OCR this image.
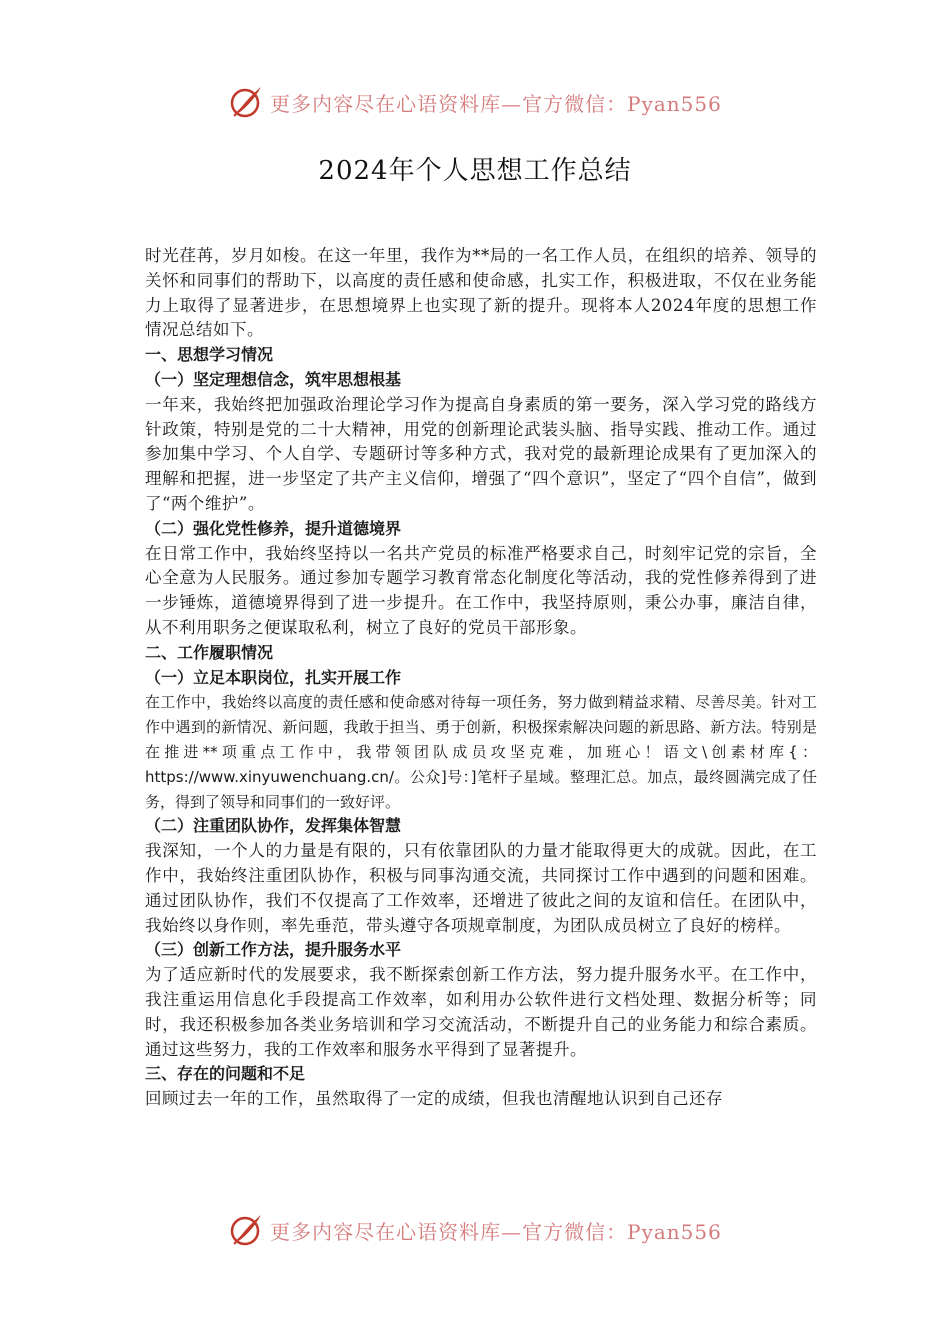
更多内容尽在心语资料库—官方微信：Pyan556
2024年个人思想工作总结

时光荏苒，岁月如梭。在这一年里，我作为**局的一名工作人员，在组织的培养、领导的关怀和同事们的帮助下，以高度的责任感和使命感，扎实工作，积极进取，不仅在业务能力上取得了显著进步，在思想境界上也实现了新的提升。现将本人2024年度的思想工作情况总结如下。

一、思想学习情况

（一）坚定理想信念，筑牢思想根基

一年来，我始终把加强政治理论学习作为提高自身素质的第一要务，深入学习党的路线方针政策，特别是党的二十大精神，用党的创新理论武装头脑、指导实践、推动工作。通过参加集中学习、个人自学、专题研讨等多种方式，我对党的最新理论成果有了更加深入的理解和把握，进一步坚定了共产主义信仰，增强了“四个意识”，坚定了“四个自信”，做到了“两个维护”。

（二）强化党性修养，提升道德境界

在日常工作中，我始终坚持以一名共产党员的标准严格要求自己，时刻牢记党的宗旨，全心全意为人民服务。通过参加专题学习教育常态化制度化等活动，我的党性修养得到了进一步锤炼，道德境界得到了进一步提升。在工作中，我坚持原则，秉公办事，廉洁自律，从不利用职务之便谋取私利，树立了良好的党员干部形象。

二、工作履职情况

（一）立足本职岗位，扎实开展工作

在工作中，我始终以高度的责任感和使命感对待每一项任务，努力做到精益求精、尽善尽美。针对工作中遇到的新情况、新问题，我敢于担当、勇于创新，积极探索解决问题的新思路、新方法。特别是在推进**项重点工作中，我带领团队成员攻坚克难，加班心！语文\创素材库{：https://www.xinyuwenchuang.cn/。公众]号：]笔杆子星域。整理汇总。加点，最终圆满完成了任务，得到了领导和同事们的一致好评。

（二）注重团队协作，发挥集体智慧

我深知，一个人的力量是有限的，只有依靠团队的力量才能取得更大的成就。因此，在工作中，我始终注重团队协作，积极与同事沟通交流，共同探讨工作中遇到的问题和困难。通过团队协作，我们不仅提高了工作效率，还增进了彼此之间的友谊和信任。在团队中，我始终以身作则，率先垂范，带头遵守各项规章制度，为团队成员树立了良好的榜样。

（三）创新工作方法，提升服务水平

为了适应新时代的发展要求，我不断探索创新工作方法，努力提升服务水平。在工作中，我注重运用信息化手段提高工作效率，如利用办公软件进行文档处理、数据分析等；同时，我还积极参加各类业务培训和学习交流活动，不断提升自己的业务能力和综合素质。通过这些努力，我的工作效率和服务水平得到了显著提升。

三、存在的问题和不足

回顾过去一年的工作，虽然取得了一定的成绩，但我也清醒地认识到自己还存

更多内容尽在心语资料库—官方微信：Pyan556
